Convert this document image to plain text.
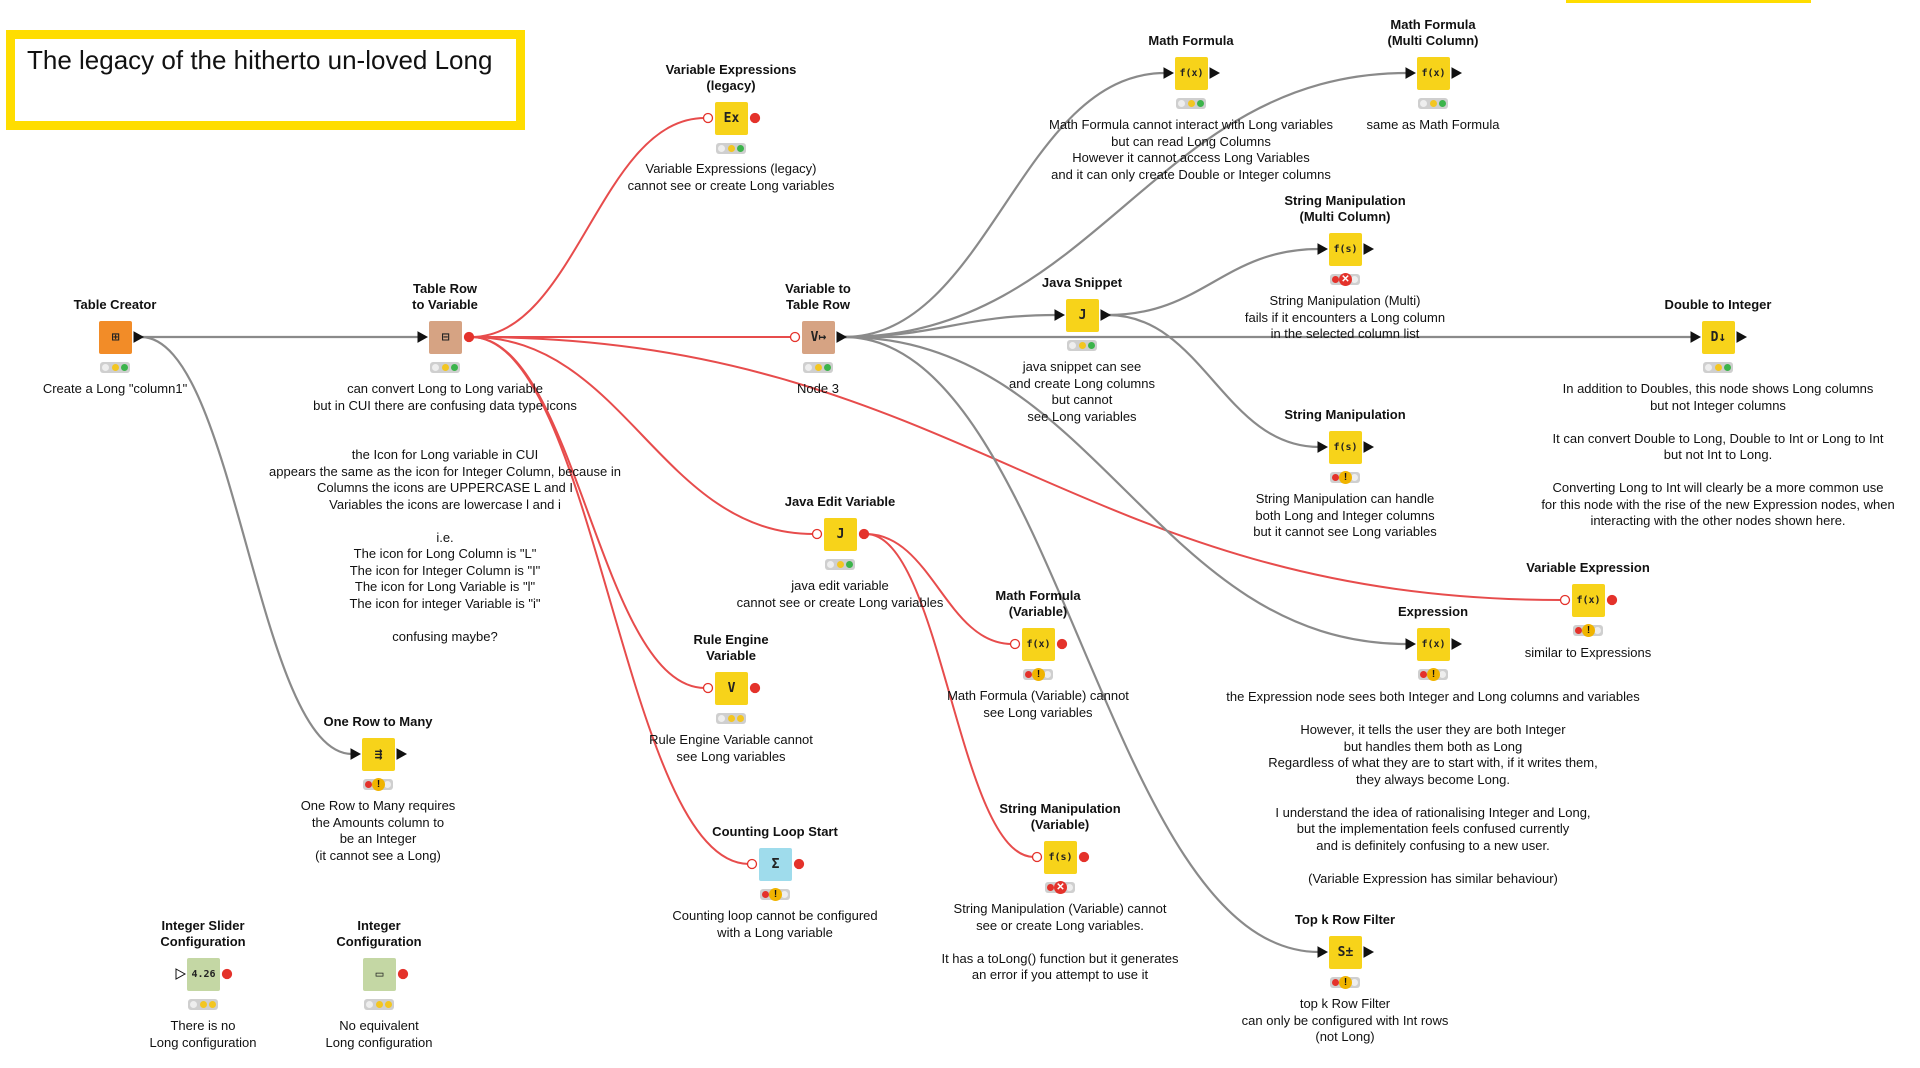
The legacy of the hitherto un-loved Long
Table Creator
⊞
Table Row
to Variable
⊟
Variable to
Table Row
V↦
Variable Expressions
(legacy)
Ex
Math Formula
f(x)
Math Formula
(Multi Column)
f(x)
String Manipulation
(Multi Column)
f(s)
✕
Java Snippet
J
Double to Integer
D↓
String Manipulation
f(s)
!
Java Edit Variable
J
Variable Expression
f(x)
!
Expression
f(x)
!
Math Formula
(Variable)
f(x)
!
Rule Engine
Variable
V
One Row to Many
⇶
!
Counting Loop Start
Σ
!
String Manipulation
(Variable)
f(s)
✕
Top k Row Filter
S±
!
Integer Slider
Configuration
4.26
Integer
Configuration
▭
Create a Long "column1"	can convert Long to Long variable
but in CUI there are confusing data type icons
the Icon for Long variable in CUI
appears the same as the icon for Integer Column, because in
Columns the icons are UPPERCASE L and I
Variables the icons are lowercase l and i

i.e.
The icon for Long Column is "L"
The icon for Integer Column is "I"
The icon for Long Variable is "l"
The icon for integer Variable is "i"

confusing maybe?
Variable Expressions (legacy)
cannot see or create Long variables
Math Formula cannot interact with Long variables
but can read Long Columns
However it cannot access Long Variables
and it can only create Double or Integer columns
same as Math Formula
String Manipulation (Multi)
fails if it encounters a Long column
in the selected column list
java snippet can see
and create Long columns
but cannot
see Long variables
In addition to Doubles, this node shows Long columns
but not Integer columns

It can convert Double to Long, Double to Int or Long to Int
but not Int to Long.

Converting Long to Int will clearly be a more common use
for this node with the rise of the new Expression nodes, when
interacting with the other nodes shown here.
String Manipulation can handle
both Long and Integer columns
but it cannot see Long variables
java edit variable
cannot see or create Long variables
similar to Expressions
the Expression node sees both Integer and Long columns and variables

However, it tells the user they are both Integer
but handles them both as Long
Regardless of what they are to start with, if it writes them,
they always become Long.

I understand the idea of rationalising Integer and Long,
but the implementation feels confused currently
and is definitely confusing to a new user.

(Variable Expression has similar behaviour)
Math Formula (Variable) cannot
see Long variables
Rule Engine Variable cannot
see Long variables
One Row to Many requires
the Amounts column to
be an Integer
(it cannot see a Long)
Counting loop cannot be configured
with a Long variable
String Manipulation (Variable) cannot
see or create Long variables.

It has a toLong() function but it generates
an error if you attempt to use it
top k Row Filter
can only be configured with Int rows
(not Long)
There is no
Long configuration
No equivalent
Long configuration
Node 3
